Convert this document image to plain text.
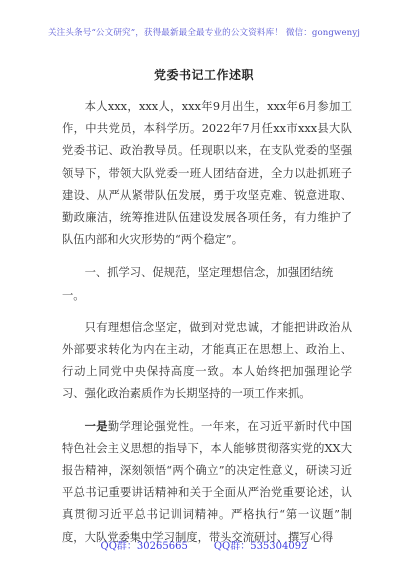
关注头条号“公文研究”，获得最新最全最专业的公文资料库！ 微信：gongwenyj
党委书记工作述职

本人xxx，xxx人，xxx年9月出生，xxx年6月参加工作，中共党员，本科学历。2022年7月任xx市xxx县大队党委书记、政治教导员。任现职以来，在支队党委的坚强领导下，带领大队党委一班人团结奋进，全力以赴抓班子建设、从严从紧带队伍发展，勇于攻坚克难、锐意进取、勤政廉洁，统筹推进队伍建设发展各项任务，有力维护了队伍内部和火灾形势的“两个稳定”。

一、抓学习、促规范，坚定理想信念，加强团结统一。

只有理想信念坚定，做到对党忠诚，才能把讲政治从外部要求转化为内在主动，才能真正在思想上、政治上、行动上同党中央保持高度一致。本人始终把加强理论学习、强化政治素质作为长期坚持的一项工作来抓。

一是勤学理论强党性。一年来，在习近平新时代中国特色社会主义思想的指导下，本人能够贯彻落实党的XX大报告精神，深刻领悟“两个确立”的决定性意义，研读习近平总书记重要讲话精神和关于全面从严治党重要论述，认真贯彻习近平总书记训词精神。严格执行“第一议题”制度，大队党委集中学习制度，带头交流研讨、撰写心得

QQ群：30265665	QQ群：535304092
